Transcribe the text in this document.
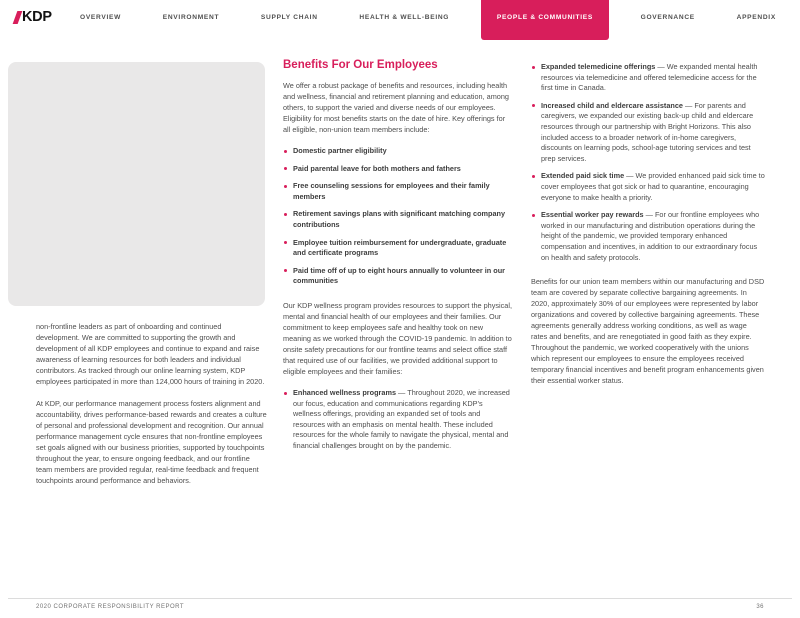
KDP	OVERVIEW	ENVIRONMENT	SUPPLY CHAIN	HEALTH & WELL-BEING	PEOPLE & COMMUNITIES	GOVERNANCE	APPENDIX

non-frontline leaders as part of onboarding and continued development. We are committed to supporting the growth and development of all KDP employees and continue to expand and raise awareness of learning resources for both leaders and individual contributors. As tracked through our online learning system, KDP employees participated in more than 124,000 hours of training in 2020.

At KDP, our performance management process fosters alignment and accountability, drives performance-based rewards and creates a culture of personal and professional development and recognition. Our annual performance management cycle ensures that non-frontline employees set goals aligned with our business priorities, supported by touchpoints throughout the year, to ensure ongoing feedback, and our frontline team members are provided regular, real-time feedback and frequent touchpoints around performance and behaviors.

Benefits For Our Employees

We offer a robust package of benefits and resources, including health and wellness, financial and retirement planning and education, among others, to support the varied and diverse needs of our employees. Eligibility for most benefits starts on the date of hire. Key offerings for all eligible, non-union team members include:

Domestic partner eligibility
Paid parental leave for both mothers and fathers
Free counseling sessions for employees and their family members
Retirement savings plans with significant matching company contributions
Employee tuition reimbursement for undergraduate, graduate and certificate programs
Paid time off of up to eight hours annually to volunteer in our communities

Our KDP wellness program provides resources to support the physical, mental and financial health of our employees and their families. Our commitment to keep employees safe and healthy took on new meaning as we worked through the COVID-19 pandemic. In addition to onsite safety precautions for our frontline teams and select office staff that required use of our facilities, we provided additional support to eligible employees and their families:

Enhanced wellness programs — Throughout 2020, we increased our focus, education and communications regarding KDP’s wellness offerings, providing an expanded set of tools and resources with an emphasis on mental health. These included resources for the whole family to navigate the physical, mental and financial challenges brought on by the pandemic.
Expanded telemedicine offerings — We expanded mental health resources via telemedicine and offered telemedicine access for the first time in Canada.
Increased child and eldercare assistance — For parents and caregivers, we expanded our existing back-up child and eldercare resources through our partnership with Bright Horizons. This also included access to a broader network of in-home caregivers, discounts on learning pods, school-age tutoring services and test prep services.
Extended paid sick time — We provided enhanced paid sick time to cover employees that got sick or had to quarantine, encouraging everyone to make health a priority.
Essential worker pay rewards — For our frontline employees who worked in our manufacturing and distribution operations during the height of the pandemic, we provided temporary enhanced compensation and incentives, in addition to our extraordinary focus on health and safety protocols.

Benefits for our union team members within our manufacturing and DSD team are covered by separate collective bargaining agreements. In 2020, approximately 30% of our employees were represented by labor organizations and covered by collective bargaining agreements. These agreements generally address working conditions, as well as wage rates and benefits, and are renegotiated in good faith as they expire. Throughout the pandemic, we worked cooperatively with the unions which represent our employees to ensure the employees received temporary financial incentives and benefit program enhancements given their essential worker status.

2020 CORPORATE RESPONSIBILITY REPORT	36
